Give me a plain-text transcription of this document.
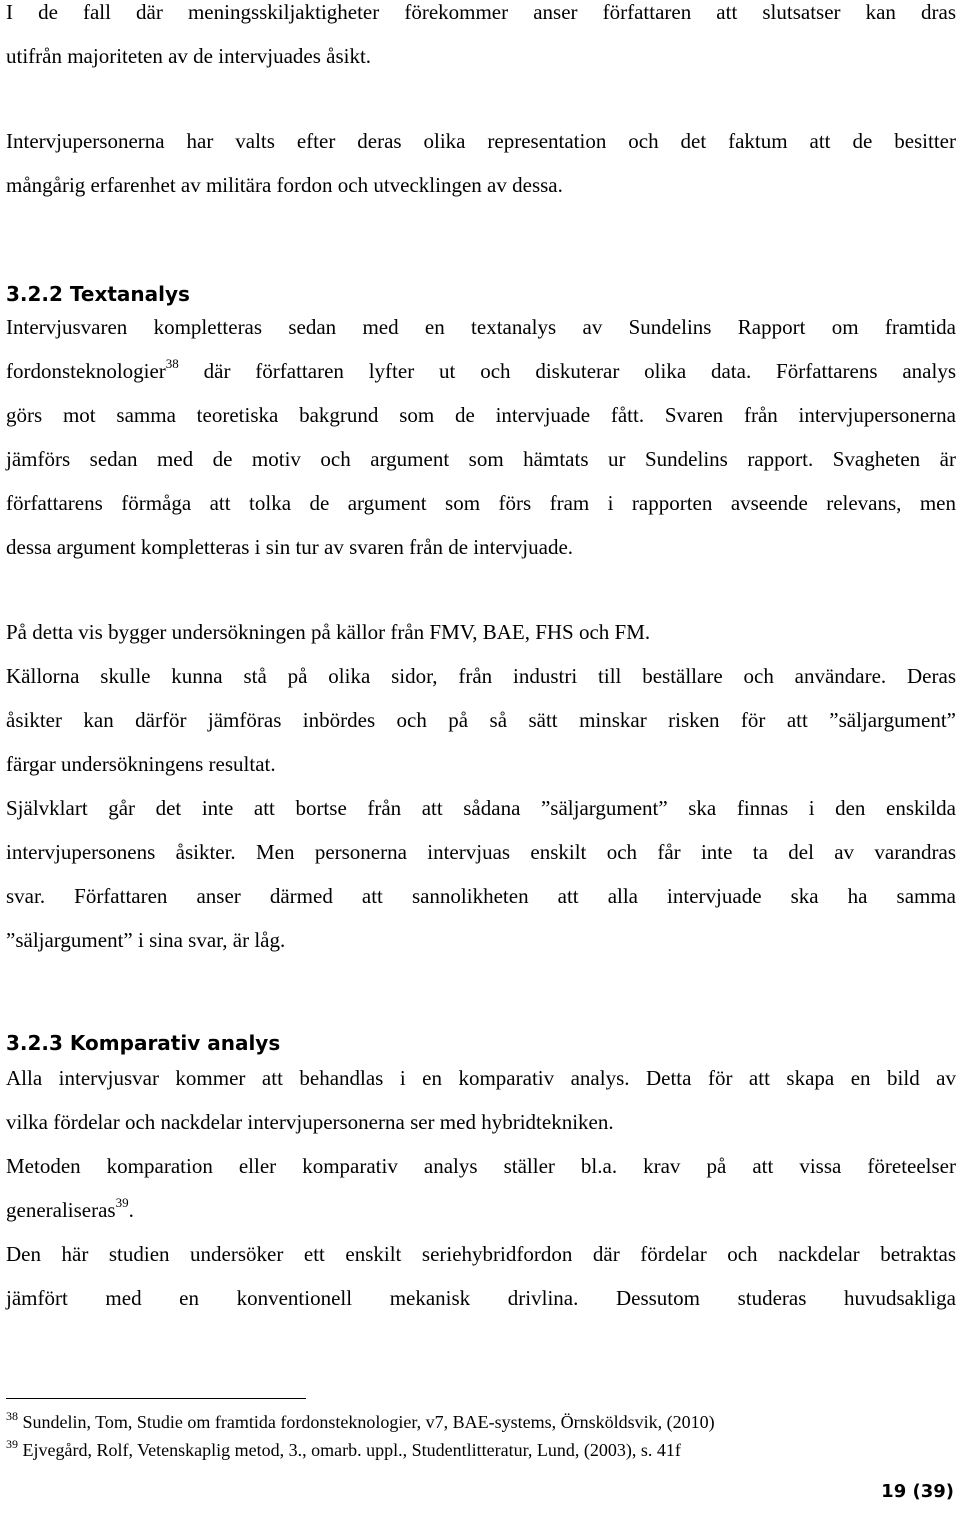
I de fall där meningsskiljaktigheter förekommer anser författaren att slutsatser kan dras
utifrån majoriteten av de intervjuades åsikt.
Intervjupersonerna har valts efter deras olika representation och det faktum att de besitter
mångårig erfarenhet av militära fordon och utvecklingen av dessa.
3.2.2 Textanalys
Intervjusvaren kompletteras sedan med en textanalys av Sundelins Rapport om framtida
fordonsteknologier$^{38}$ där författaren lyfter ut och diskuterar olika data. Författarens analys
görs mot samma teoretiska bakgrund som de intervjuade fått. Svaren från intervjupersonerna
jämförs sedan med de motiv och argument som hämtats ur Sundelins rapport. Svagheten är
författarens förmåga att tolka de argument som förs fram i rapporten avseende relevans, men
dessa argument kompletteras i sin tur av svaren från de intervjuade.
På detta vis bygger undersökningen på källor från FMV, BAE, FHS och FM.
Källorna skulle kunna stå på olika sidor, från industri till beställare och användare. Deras
åsikter kan därför jämföras inbördes och på så sätt minskar risken för att ”säljargument”
färgar undersökningens resultat.
Självklart går det inte att bortse från att sådana ”säljargument” ska finnas i den enskilda
intervjupersonens åsikter. Men personerna intervjuas enskilt och får inte ta del av varandras
svar. Författaren anser därmed att sannolikheten att alla intervjuade ska ha samma
”säljargument” i sina svar, är låg.
3.2.3 Komparativ analys
Alla intervjusvar kommer att behandlas i en komparativ analys. Detta för att skapa en bild av
vilka fördelar och nackdelar intervjupersonerna ser med hybridtekniken.
Metoden komparation eller komparativ analys ställer bl.a. krav på att vissa företeelser
generaliseras$^{39}$.
Den här studien undersöker ett enskilt seriehybridfordon där fördelar och nackdelar betraktas
jämfört med en konventionell mekanisk drivlina. Dessutom studeras huvudsakliga
$^{38}$ Sundelin, Tom, Studie om framtida fordonsteknologier, v7, BAE-systems, Örnsköldsvik, (2010)
$^{39}$ Ejvegård, Rolf, Vetenskaplig metod, 3., omarb. uppl., Studentlitteratur, Lund, (2003), s. 41f
19 (39)
